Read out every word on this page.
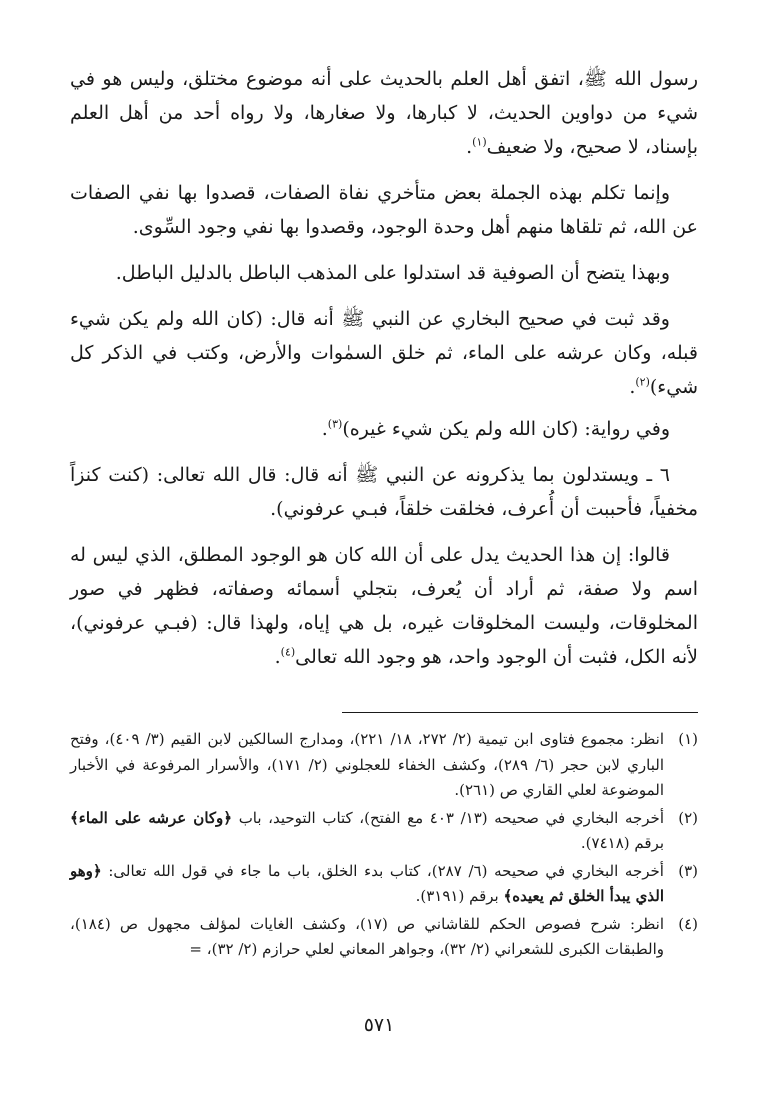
رسول الله ﷺ، اتفق أهل العلم بالحديث على أنه موضوع مختلق، وليس هو في شيء من دواوين الحديث، لا كبارها، ولا صغارها، ولا رواه أحد من أهل العلم بإسناد، لا صحيح، ولا ضعيف$^{(١)}$.

وإنما تكلم بهذه الجملة بعض متأخري نفاة الصفات، قصدوا بها نفي الصفات عن الله، ثم تلقاها منهم أهل وحدة الوجود، وقصدوا بها نفي وجود السِّوى.

وبهذا يتضح أن الصوفية قد استدلوا على المذهب الباطل بالدليل الباطل.

وقد ثبت في صحيح البخاري عن النبي ﷺ أنه قال: (كان الله ولم يكن شيء قبله، وكان عرشه على الماء، ثم خلق السمٰوات والأرض، وكتب في الذكر كل شيء)$^{(٢)}$.

وفي رواية: (كان الله ولم يكن شيء غيره)$^{(٣)}$.

٦ ـ ويستدلون بما يذكرونه عن النبي ﷺ أنه قال: قال الله تعالى: (كنت كنزاً مخفياً، فأحببت أن أُعرف، فخلقت خلقاً، فبـي عرفوني).

قالوا: إن هذا الحديث يدل على أن الله كان هو الوجود المطلق، الذي ليس له اسم ولا صفة، ثم أراد أن يُعرف، بتجلي أسمائه وصفاته، فظهر في صور المخلوقات، وليست المخلوقات غيره، بل هي إياه، ولهذا قال: (فبـي عرفوني)، لأنه الكل، فثبت أن الوجود واحد، هو وجود الله تعالى$^{(٤)}$.

(١)
انظر: مجموع فتاوى ابن تيمية (٢/ ٢٧٢، ١٨/ ٢٢١)، ومدارج السالكين لابن القيم (٣/ ٤٠٩)، وفتح الباري لابن حجر (٦/ ٢٨٩)، وكشف الخفاء للعجلوني (٢/ ١٧١)، والأسرار المرفوعة في الأخبار الموضوعة لعلي القاري ص (٢٦١).

(٢)
أخرجه البخاري في صحيحه (١٣/ ٤٠٣ مع الفتح)، كتاب التوحيد، باب ﴿وكان عرشه على الماء﴾ برقم (٧٤١٨).

(٣)
أخرجه البخاري في صحيحه (٦/ ٢٨٧)، كتاب بدء الخلق، باب ما جاء في قول الله تعالى: ﴿وهو الذي يبدأ الخلق ثم يعيده﴾ برقم (٣١٩١).

(٤)
انظر: شرح فصوص الحكم للقاشاني ص (١٧)، وكشف الغايات لمؤلف مجهول ص (١٨٤)، والطبقات الكبرى للشعراني (٢/ ٣٢)، وجواهر المعاني لعلي حرازم (٢/ ٣٢)، =

٥٧١
